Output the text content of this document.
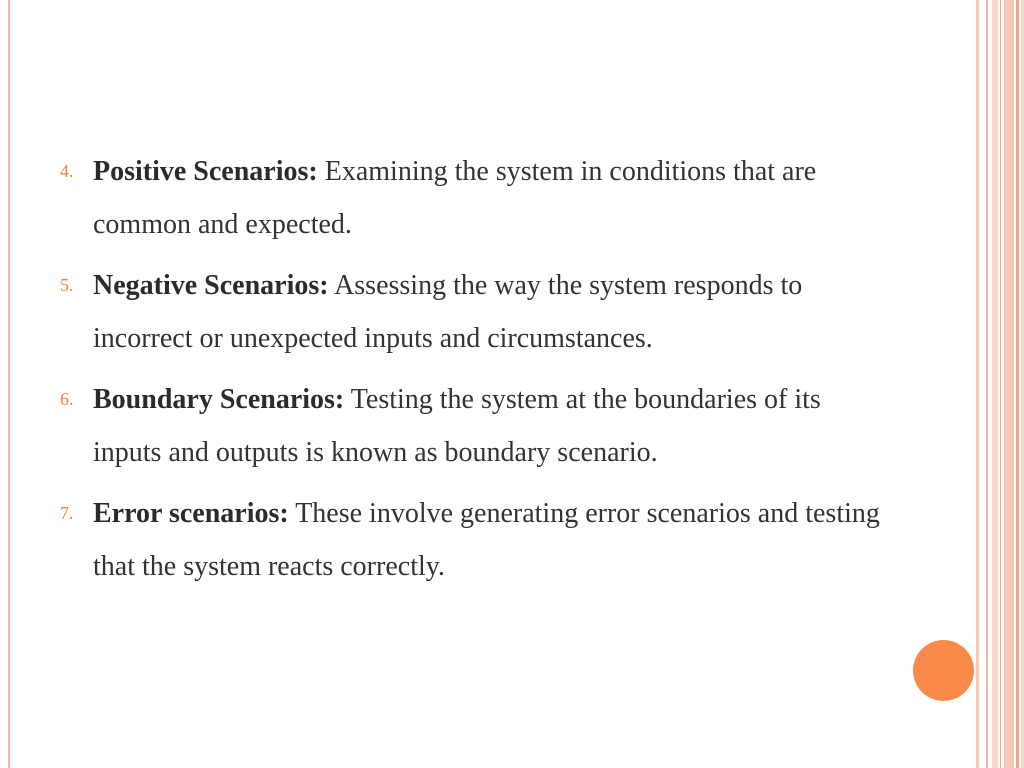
4. Positive Scenarios: Examining the system in conditions that are common and expected.
5. Negative Scenarios: Assessing the way the system responds to incorrect or unexpected inputs and circumstances.
6. Boundary Scenarios: Testing the system at the boundaries of its inputs and outputs is known as boundary scenario.
7. Error scenarios: These involve generating error scenarios and testing that the system reacts correctly.
